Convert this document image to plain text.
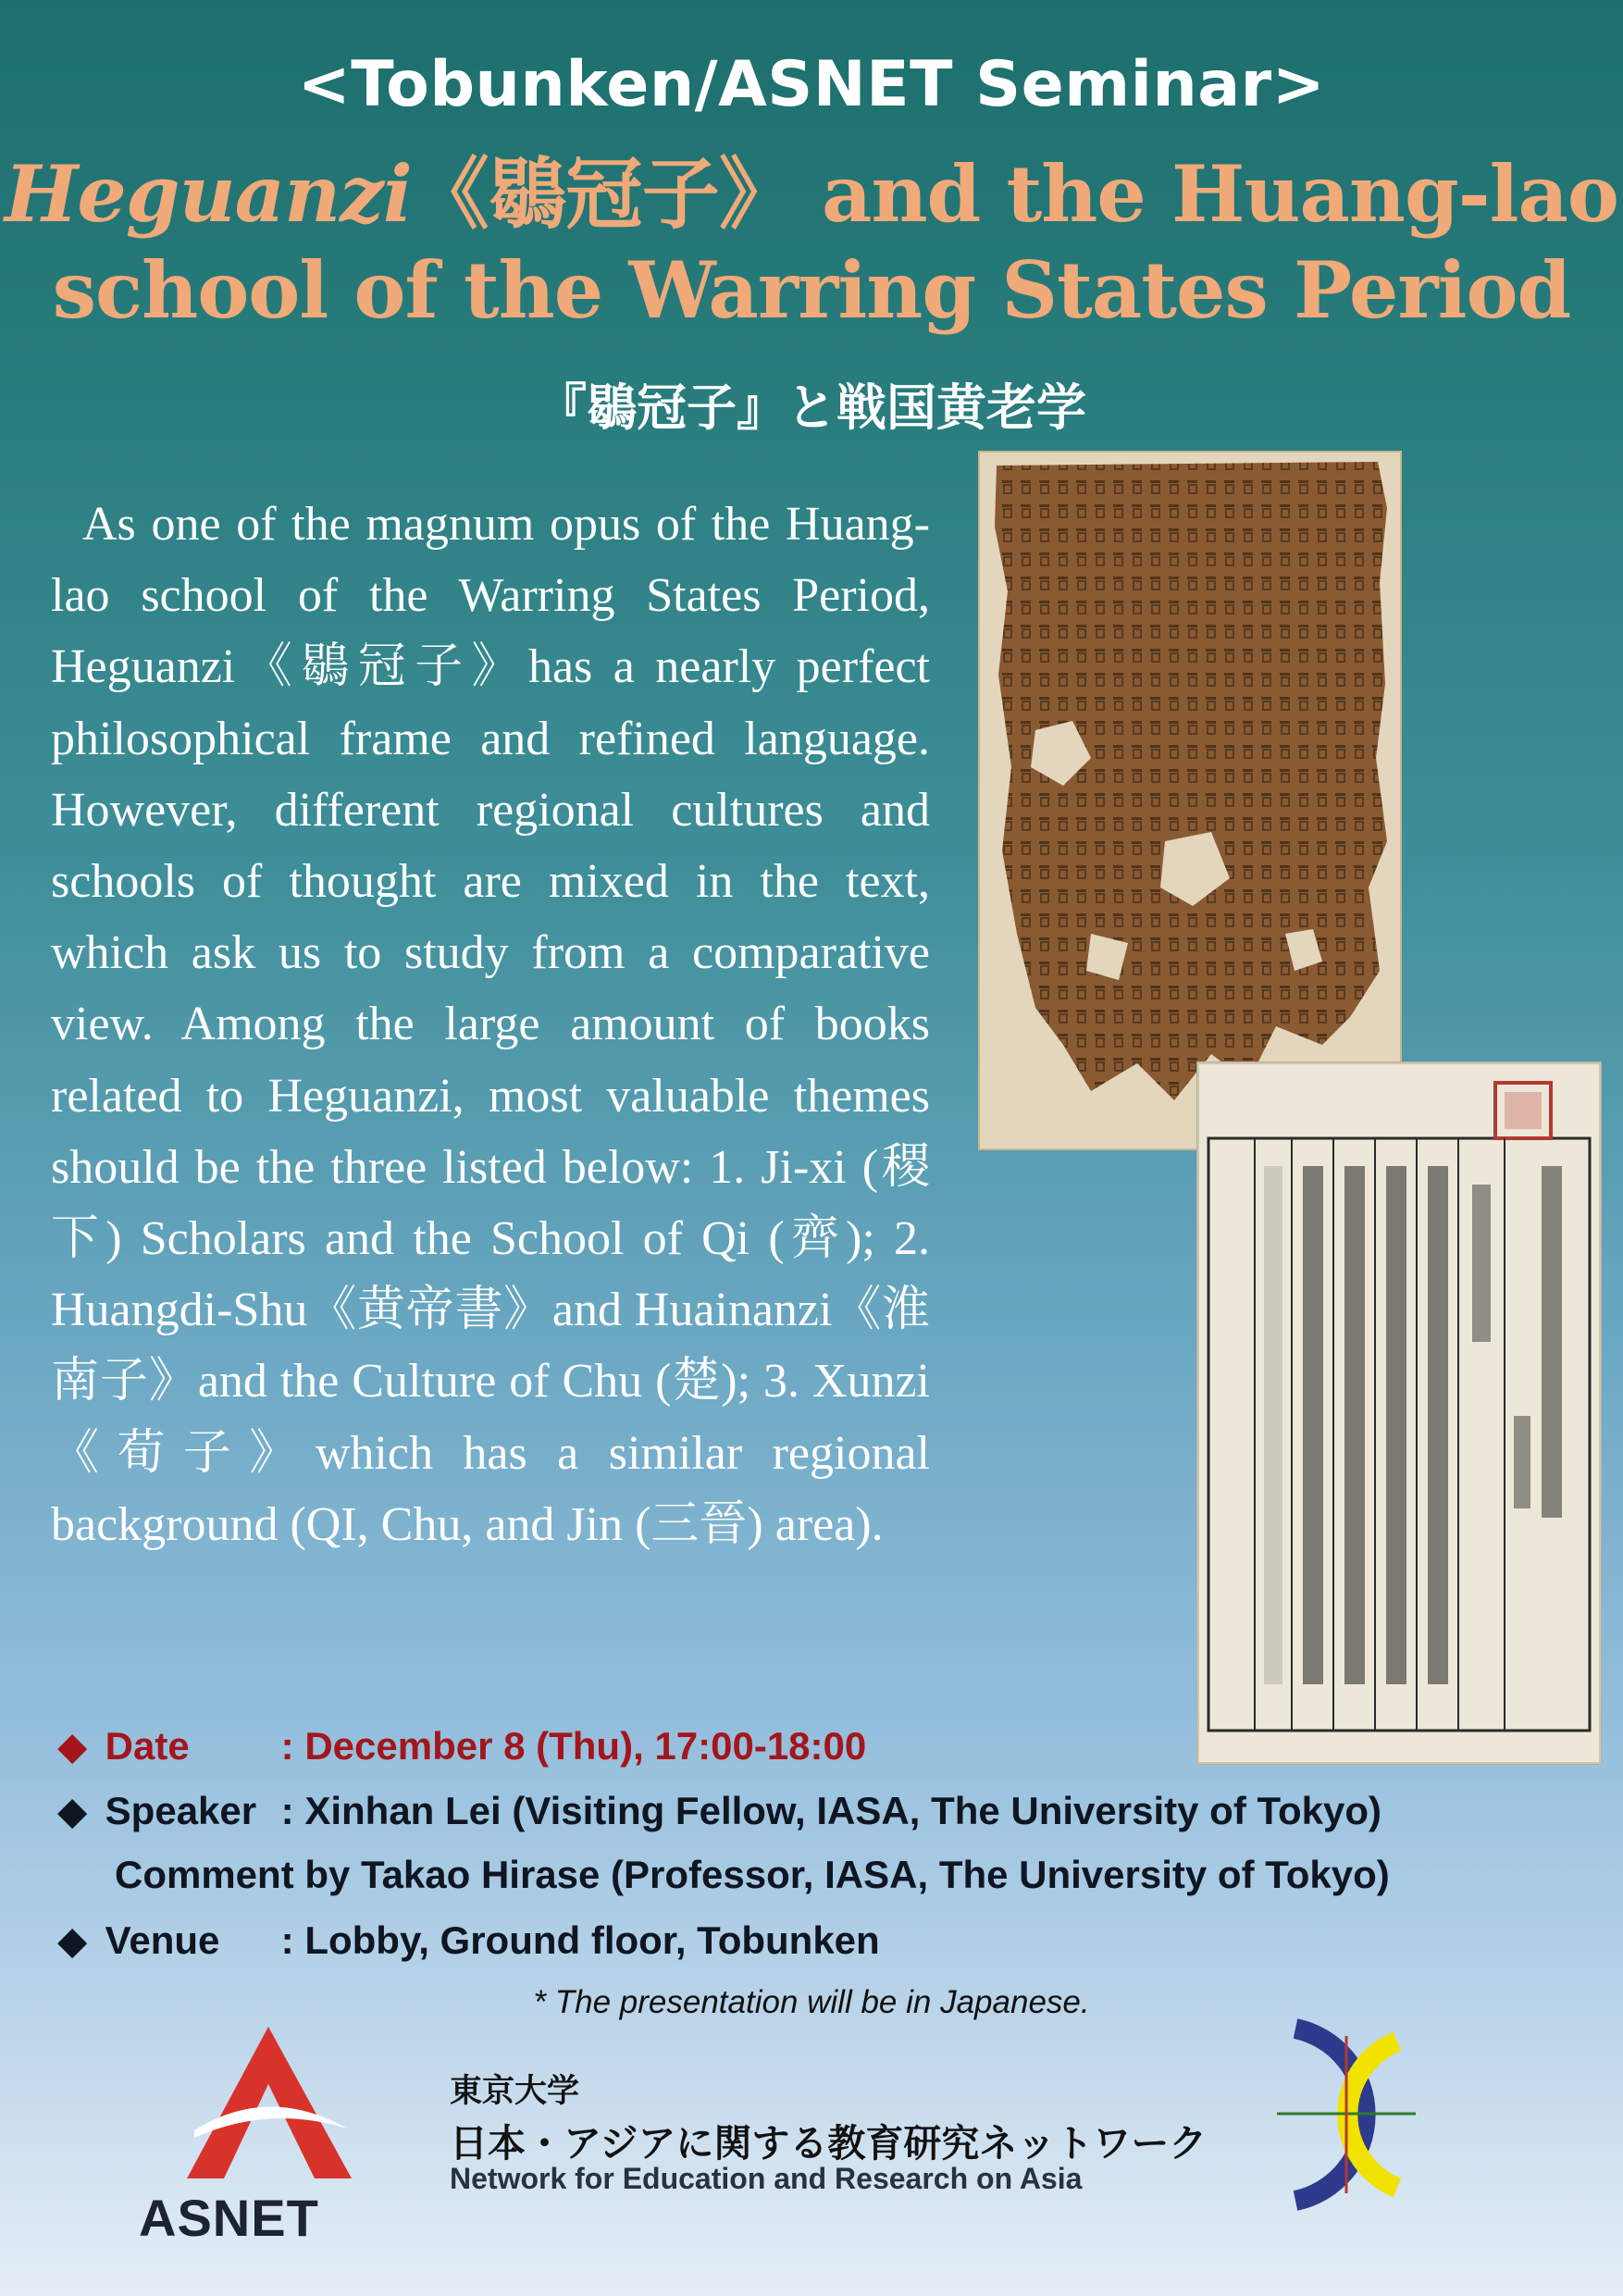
<Tobunken/ASNET Seminar>
Heguanzi《鶡冠子》 and the Huang-lao
school of the Warring States Period
『鶡冠子』と戦国黄老学
As one of the magnum opus of the Huang-lao school of the Warring States Period, Heguanzi《鶡冠子》has a nearly perfect philosophical frame and refined language. However, different regional cultures and schools of thought are mixed in the text, which ask us to study from a comparative view. Among the large amount of books related to Heguanzi, most valuable themes should be the three listed below: 1. Ji-xi (稷下) Scholars and the School of Qi (齊); 2. Huangdi-Shu《黄帝書》and Huainanzi《淮南子》and the Culture of Chu (楚); 3. Xunzi《荀子》which has a similar regional background (QI, Chu, and Jin (三晉) area).
◆ Date : December 8 (Thu), 17:00-18:00
◆ Speaker : Xinhan Lei (Visiting Fellow, IASA, The University of Tokyo)
Comment by Takao Hirase (Professor, IASA, The University of Tokyo)
◆ Venue : Lobby, Ground floor, Tobunken
* The presentation will be in Japanese.
ASNET
東京大学
日本・アジアに関する教育研究ネットワーク
Network for Education and Research on Asia
